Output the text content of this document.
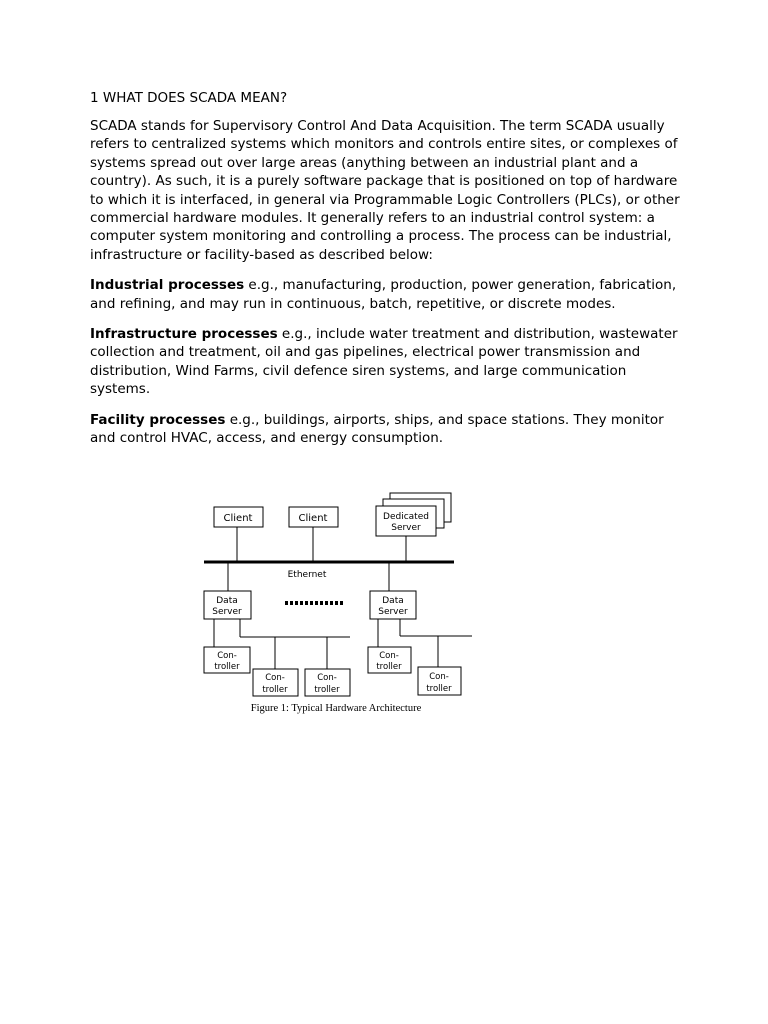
1 WHAT DOES SCADA MEAN?

SCADA stands for Supervisory Control And Data Acquisition. The term SCADA usually refers to centralized systems which monitors and controls entire sites, or complexes of systems spread out over large areas (anything between an industrial plant and a country). As such, it is a purely software package that is positioned on top of hardware to which it is interfaced, in general via Programmable Logic Controllers (PLCs), or other commercial hardware modules. It generally refers to an industrial control system: a computer system monitoring and controlling a process. The process can be industrial, infrastructure or facility-based as described below:

Industrial processes e.g., manufacturing, production, power generation, fabrication, and refining, and may run in continuous, batch, repetitive, or discrete modes.

Infrastructure processes e.g., include water treatment and distribution, wastewater collection and treatment, oil and gas pipelines, electrical power transmission and distribution, Wind Farms, civil defence siren systems, and large communication systems.

Facility processes e.g., buildings, airports, ships, and space stations. They monitor and control HVAC, access, and energy consumption.

Client	Client	Dedicated
Server
Ethernet
Data
Server
Data
Server
Con-
troller
Con-
troller
Con-
troller
Con-
troller
Con-
troller
Figure 1: Typical Hardware Architecture
